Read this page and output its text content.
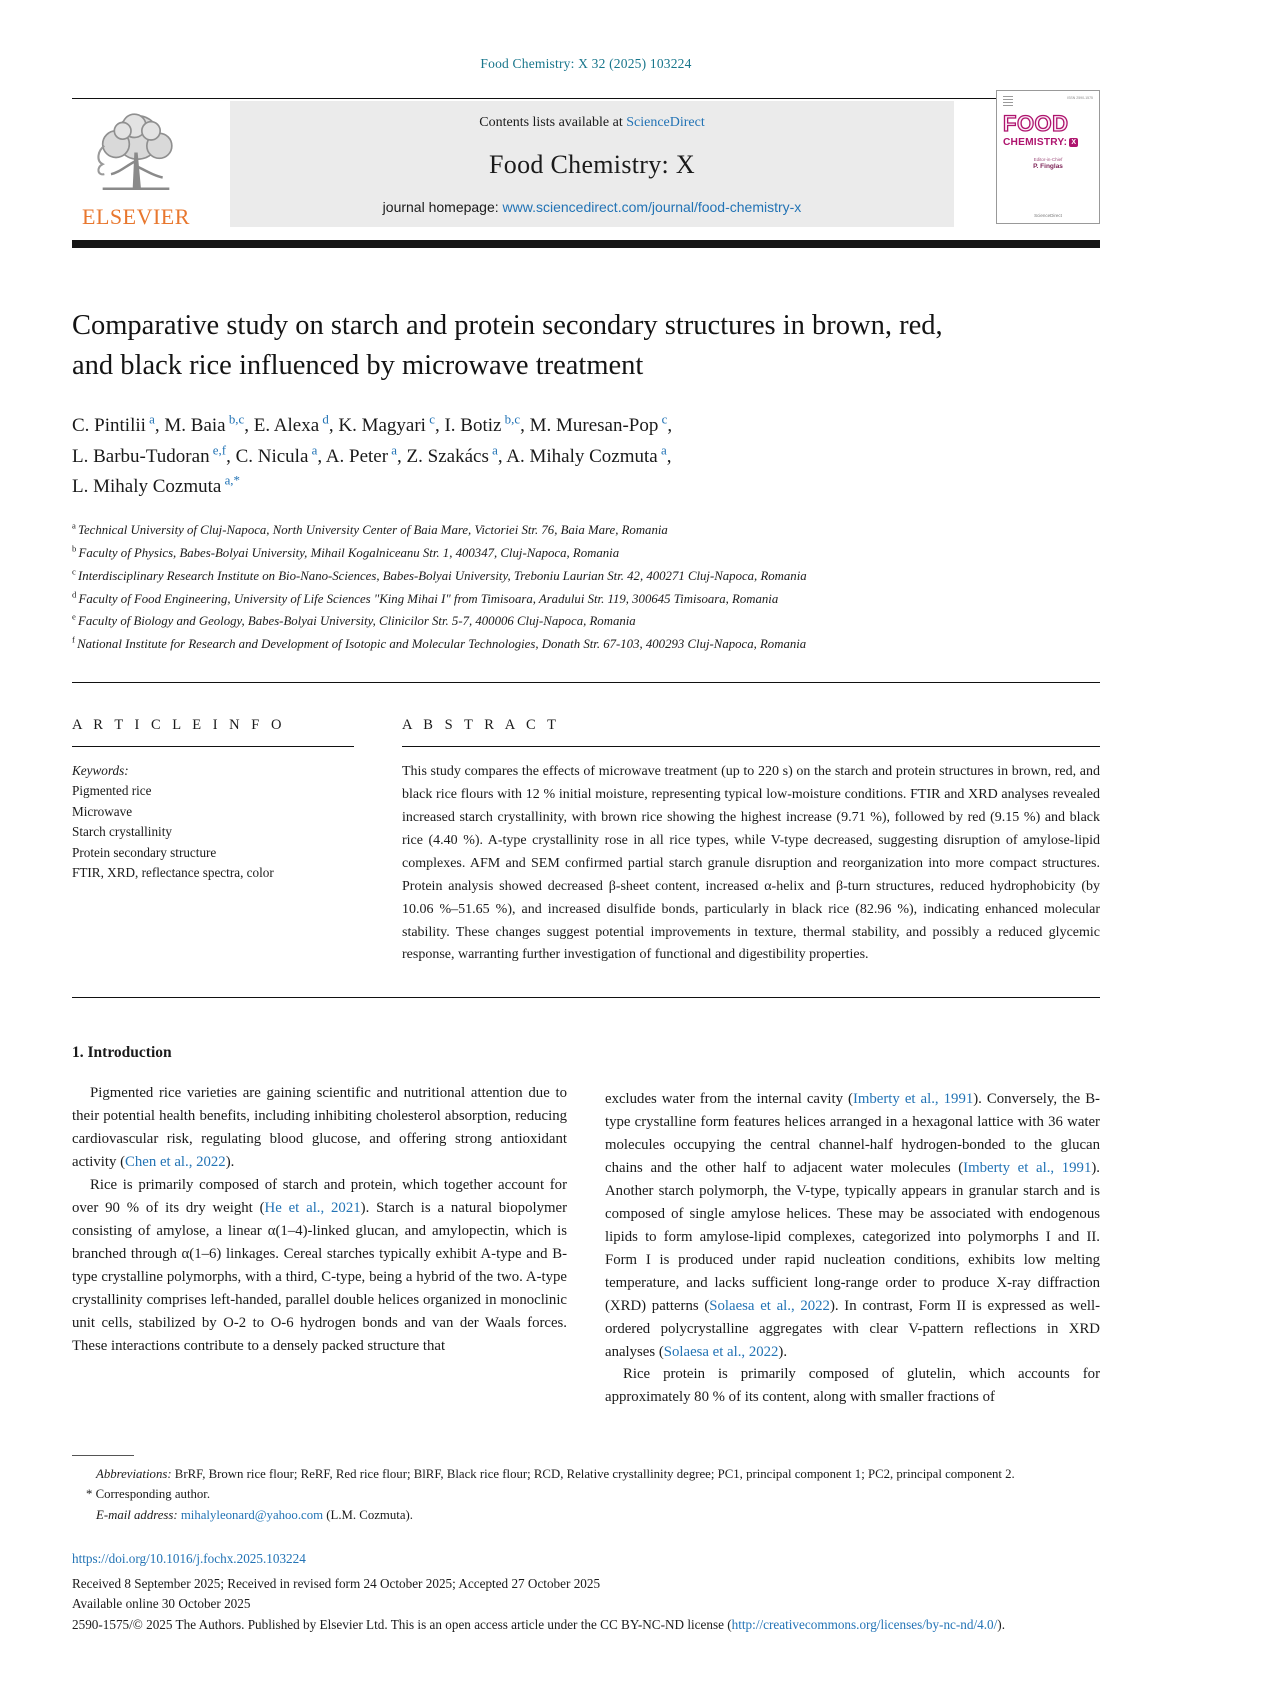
Food Chemistry: X 32 (2025) 103224
ELSEVIER
Contents lists available at ScienceDirect
Food Chemistry: X
journal homepage: www.sciencedirect.com/journal/food-chemistry-x
ISSN 2590-1575
FOOD
CHEMISTRY: X
Editor-in-Chief
P. Finglas
ScienceDirect
Comparative study on starch and protein secondary structures in brown, red, and black rice influenced by microwave treatment
C. Pintilii $^a$, M. Baia $^{b,c}$, E. Alexa $^d$, K. Magyari $^c$, I. Botiz $^{b,c}$, M. Muresan-Pop $^c$,
L. Barbu-Tudoran $^{e,f}$, C. Nicula $^a$, A. Peter $^a$, Z. Szakács $^a$, A. Mihaly Cozmuta $^a$,
L. Mihaly Cozmuta $^{a,*}$
$^a$ Technical University of Cluj-Napoca, North University Center of Baia Mare, Victoriei Str. 76, Baia Mare, Romania
$^b$ Faculty of Physics, Babes-Bolyai University, Mihail Kogalniceanu Str. 1, 400347, Cluj-Napoca, Romania
$^c$ Interdisciplinary Research Institute on Bio-Nano-Sciences, Babes-Bolyai University, Treboniu Laurian Str. 42, 400271 Cluj-Napoca, Romania
$^d$ Faculty of Food Engineering, University of Life Sciences "King Mihai I" from Timisoara, Aradului Str. 119, 300645 Timisoara, Romania
$^e$ Faculty of Biology and Geology, Babes-Bolyai University, Clinicilor Str. 5-7, 400006 Cluj-Napoca, Romania
$^f$ National Institute for Research and Development of Isotopic and Molecular Technologies, Donath Str. 67-103, 400293 Cluj-Napoca, Romania
A R T I C L E I N F O
Keywords:
Pigmented rice
Microwave
Starch crystallinity
Protein secondary structure
FTIR, XRD, reflectance spectra, color
A B S T R A C T
This study compares the effects of microwave treatment (up to 220 s) on the starch and protein structures in brown, red, and black rice flours with 12 % initial moisture, representing typical low-moisture conditions. FTIR and XRD analyses revealed increased starch crystallinity, with brown rice showing the highest increase (9.71 %), followed by red (9.15 %) and black rice (4.40 %). A-type crystallinity rose in all rice types, while V-type decreased, suggesting disruption of amylose-lipid complexes. AFM and SEM confirmed partial starch granule disruption and reorganization into more compact structures. Protein analysis showed decreased β-sheet content, increased α-helix and β-turn structures, reduced hydrophobicity (by 10.06 %–51.65 %), and increased disulfide bonds, particularly in black rice (82.96 %), indicating enhanced molecular stability. These changes suggest potential improvements in texture, thermal stability, and possibly a reduced glycemic response, warranting further investigation of functional and digestibility properties.
1. Introduction

Pigmented rice varieties are gaining scientific and nutritional attention due to their potential health benefits, including inhibiting cholesterol absorption, reducing cardiovascular risk, regulating blood glucose, and offering strong antioxidant activity (Chen et al., 2022).

Rice is primarily composed of starch and protein, which together account for over 90 % of its dry weight (He et al., 2021). Starch is a natural biopolymer consisting of amylose, a linear α(1–4)-linked glucan, and amylopectin, which is branched through α(1–6) linkages. Cereal starches typically exhibit A-type and B-type crystalline polymorphs, with a third, C-type, being a hybrid of the two. A-type crystallinity comprises left-handed, parallel double helices organized in monoclinic unit cells, stabilized by O-2 to O-6 hydrogen bonds and van der Waals forces. These interactions contribute to a densely packed structure that

excludes water from the internal cavity (Imberty et al., 1991). Conversely, the B-type crystalline form features helices arranged in a hexagonal lattice with 36 water molecules occupying the central channel-half hydrogen-bonded to the glucan chains and the other half to adjacent water molecules (Imberty et al., 1991). Another starch polymorph, the V-type, typically appears in granular starch and is composed of single amylose helices. These may be associated with endogenous lipids to form amylose-lipid complexes, categorized into polymorphs I and II. Form I is produced under rapid nucleation conditions, exhibits low melting temperature, and lacks sufficient long-range order to produce X-ray diffraction (XRD) patterns (Solaesa et al., 2022). In contrast, Form II is expressed as well-ordered polycrystalline aggregates with clear V-pattern reflections in XRD analyses (Solaesa et al., 2022).

Rice protein is primarily composed of glutelin, which accounts for approximately 80 % of its content, along with smaller fractions of

Abbreviations: BrRF, Brown rice flour; ReRF, Red rice flour; BlRF, Black rice flour; RCD, Relative crystallinity degree; PC1, principal component 1; PC2, principal component 2.
* Corresponding author.
E-mail address: mihalyleonard@yahoo.com (L.M. Cozmuta).
https://doi.org/10.1016/j.fochx.2025.103224
Received 8 September 2025; Received in revised form 24 October 2025; Accepted 27 October 2025
Available online 30 October 2025
2590-1575/© 2025 The Authors. Published by Elsevier Ltd. This is an open access article under the CC BY-NC-ND license (http://creativecommons.org/licenses/by-nc-nd/4.0/).
